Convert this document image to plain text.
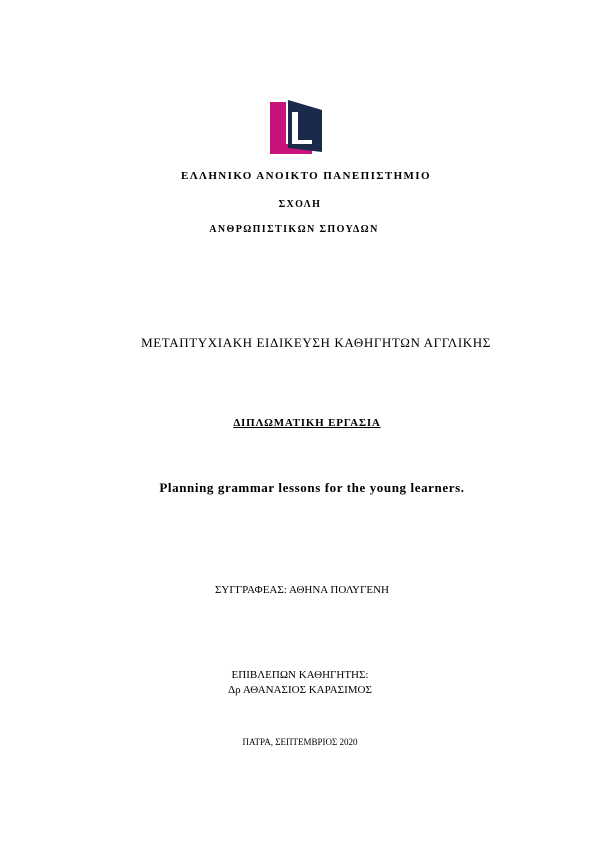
ΕΛΛΗΝΙΚΟ ΑΝΟΙΚΤΟ ΠΑΝΕΠΙΣΤΗΜΙΟ
ΣΧΟΛΗ
ΑΝΘΡΩΠΙΣΤΙΚΩΝ ΣΠΟΥΔΩΝ
ΜΕΤΑΠΤΥΧΙΑΚΗ ΕΙΔΙΚΕΥΣΗ ΚΑΘΗΓΗΤΩΝ ΑΓΓΛΙΚΗΣ
ΔΙΠΛΩΜΑΤΙΚΗ ΕΡΓΑΣΙΑ
Planning grammar lessons for the young learners.
ΣΥΓΓΡΑΦΕΑΣ: ΑΘΗΝΑ ΠΟΛΥΓΕΝΗ
ΕΠΙΒΛΕΠΩΝ ΚΑΘΗΓΗΤΗΣ:
Δρ ΑΘΑΝΑΣΙΟΣ ΚΑΡΑΣΙΜΟΣ
ΠΑΤΡΑ, ΣΕΠΤΕΜΒΡΙΟΣ 2020
